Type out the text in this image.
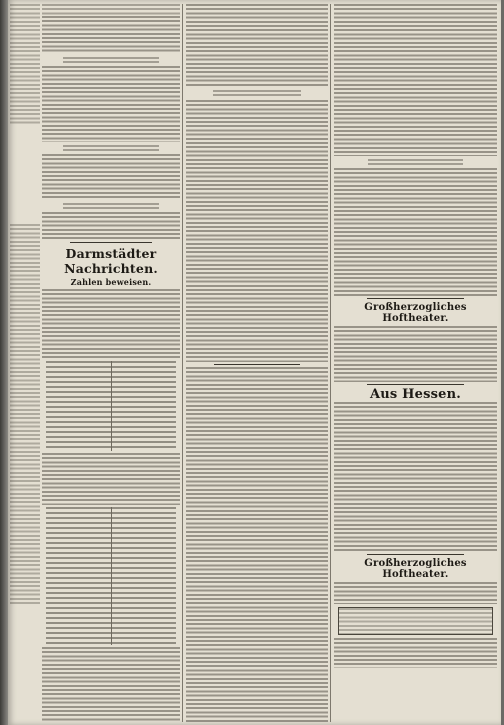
Darmstädter Nachrichten.
Zahlen beweisen.
Großherzogliches Hoftheater.
Aus Hessen.
Großherzogliches Hoftheater.
